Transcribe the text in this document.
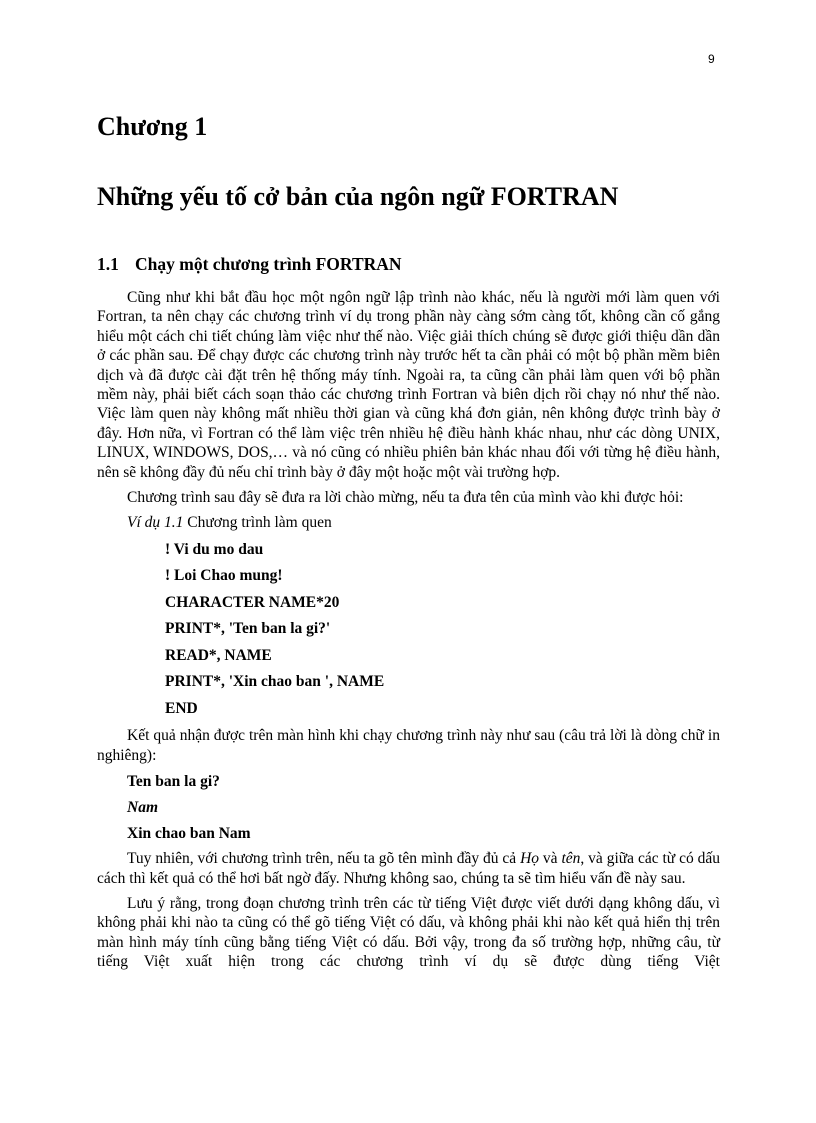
9
Chương 1
Những yếu tố cở bản của ngôn ngữ FORTRAN
1.1 Chạy một chương trình FORTRAN

Cũng như khi bắt đầu học một ngôn ngữ lập trình nào khác, nếu là người mới làm quen với Fortran, ta nên chạy các chương trình ví dụ trong phần này càng sớm càng tốt, không cần cố gắng hiểu một cách chi tiết chúng làm việc như thế nào. Việc giải thích chúng sẽ được giới thiệu dần dần ở các phần sau. Để chạy được các chương trình này trước hết ta cần phải có một bộ phần mềm biên dịch và đã được cài đặt trên hệ thống máy tính. Ngoài ra, ta cũng cần phải làm quen với bộ phần mềm này, phải biết cách soạn thảo các chương trình Fortran và biên dịch rồi chạy nó như thế nào. Việc làm quen này không mất nhiều thời gian và cũng khá đơn giản, nên không được trình bày ở đây. Hơn nữa, vì Fortran có thể làm việc trên nhiều hệ điều hành khác nhau, như các dòng UNIX, LINUX, WINDOWS, DOS,… và nó cũng có nhiều phiên bản khác nhau đối với từng hệ điều hành, nên sẽ không đầy đủ nếu chỉ trình bày ở đây một hoặc một vài trường hợp.

Chương trình sau đây sẽ đưa ra lời chào mừng, nếu ta đưa tên của mình vào khi được hỏi:

Ví dụ 1.1 Chương trình làm quen
! Vi du mo dau
! Loi Chao mung!
CHARACTER NAME*20
PRINT*, 'Ten ban la gi?'
READ*, NAME
PRINT*, 'Xin chao ban ', NAME
END

Kết quả nhận được trên màn hình khi chạy chương trình này như sau (câu trả lời là dòng chữ in nghiêng):

Ten ban la gi?
Nam
Xin chao ban Nam

Tuy nhiên, với chương trình trên, nếu ta gõ tên mình đầy đủ cả Họ và tên, và giữa các từ có dấu cách thì kết quả có thể hơi bất ngờ đấy. Nhưng không sao, chúng ta sẽ tìm hiểu vấn đề này sau.

Lưu ý rằng, trong đoạn chương trình trên các từ tiếng Việt được viết dưới dạng không dấu, vì không phải khi nào ta cũng có thể gõ tiếng Việt có dấu, và không phải khi nào kết quả hiển thị trên màn hình máy tính cũng bằng tiếng Việt có dấu. Bởi vậy, trong đa số trường hợp, những câu, từ tiếng Việt xuất hiện trong các chương trình ví dụ sẽ được dùng tiếng Việt
